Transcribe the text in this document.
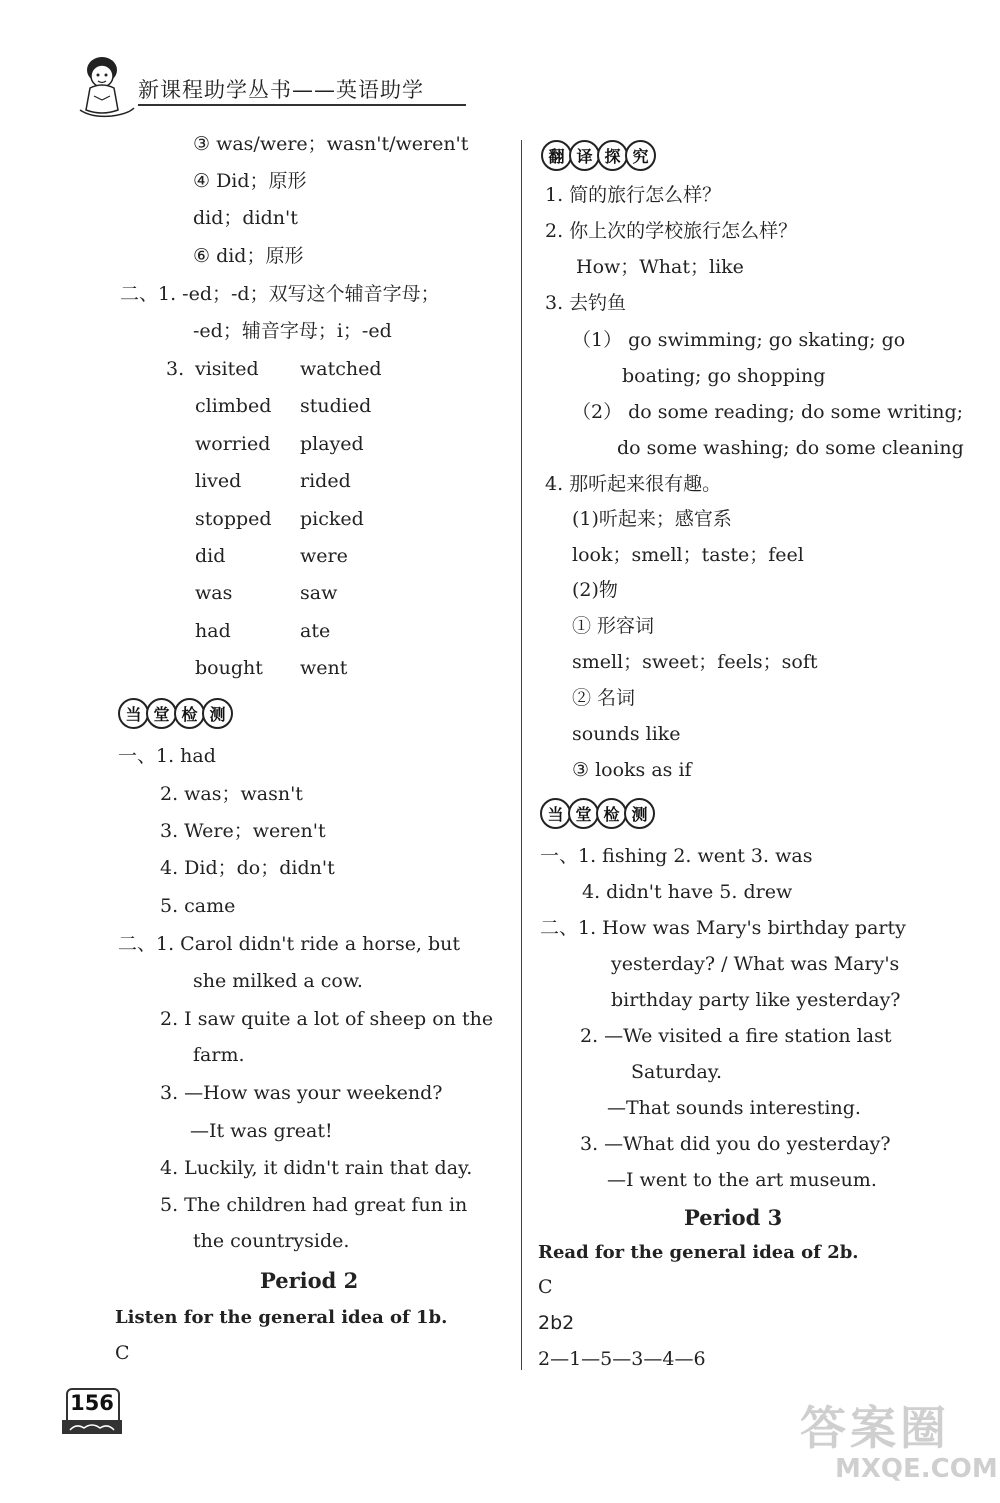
新课程助学丛书——英语助学
③ was/were；wasn't/weren't
④ Did；原形
did；didn't
⑥ did；原形
二、1. -ed；-d；双写这个辅音字母；
-ed；辅音字母；i；-ed
3. visited watched
climbed studied
worried played
lived	rided
stopped picked
did	were
was	saw
had	ate
bought went
当 堂 检 测
一、1. had
2. was；wasn't
3. Were；weren't
4. Did；do；didn't
5. came
二、1. Carol didn't ride a horse, but
she milked a cow.
2. I saw quite a lot of sheep on the
farm.
3. —How was your weekend?
—It was great!
4. Luckily, it didn't rain that day.
5. The children had great fun in
the countryside.
Period 2
Listen for the general idea of 1b.
C
翻 译 探 究
1. 简的旅行怎么样？
2. 你上次的学校旅行怎么样？
How；What；like
3. 去钓鱼
（1） go swimming; go skating; go
boating; go shopping
（2） do some reading; do some writing;
do some washing; do some cleaning
4. 那听起来很有趣。
(1)听起来；感官系
look；smell；taste；feel
(2)物
① 形容词
smell；sweet；feels；soft
② 名词
sounds like
③ looks as if
当 堂 检 测
一、1. fishing 2. went 3. was
4. didn't have 5. drew
二、1. How was Mary's birthday party
yesterday? / What was Mary's
birthday party like yesterday?
2. —We visited a fire station last
Saturday.
—That sounds interesting.
3. —What did you do yesterday?
—I went to the art museum.
Period 3
Read for the general idea of 2b.
C
2b2
2—1—5—3—4—6
156	答案圈
MXQE.COM
